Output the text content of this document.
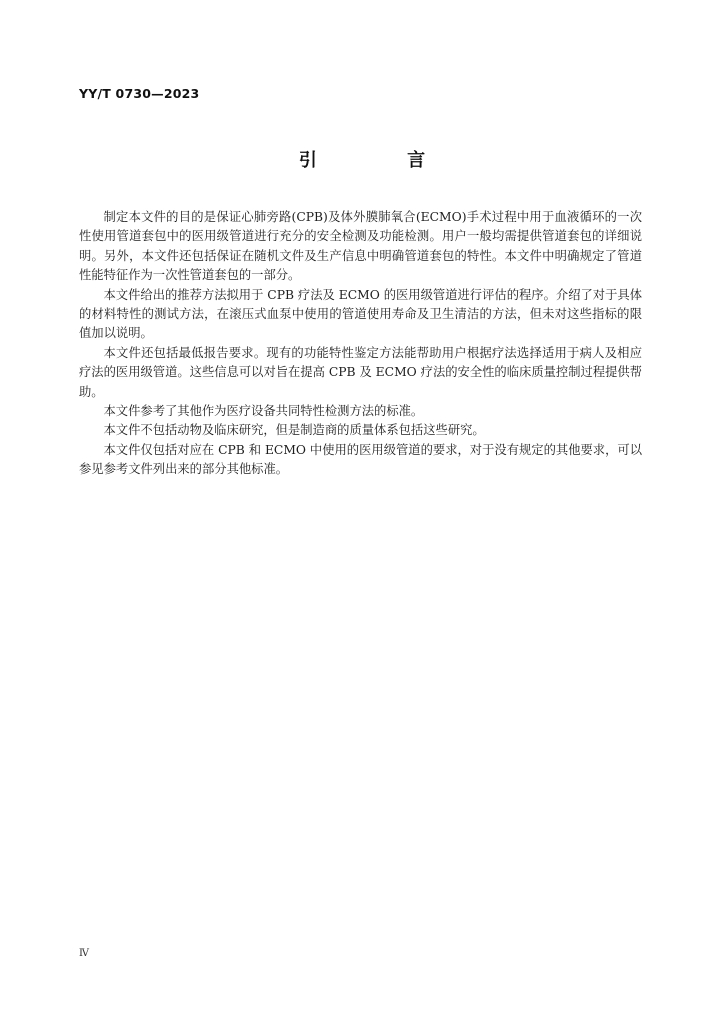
YY/T 0730—2023
引 言

制定本文件的目的是保证心肺旁路(CPB)及体外膜肺氧合(ECMO)手术过程中用于血液循环的一次性使用管道套包中的医用级管道进行充分的安全检测及功能检测。用户一般均需提供管道套包的详细说明。另外，本文件还包括保证在随机文件及生产信息中明确管道套包的特性。本文件中明确规定了管道性能特征作为一次性管道套包的一部分。

本文件给出的推荐方法拟用于 CPB 疗法及 ECMO 的医用级管道进行评估的程序。介绍了对于具体的材料特性的测试方法，在滚压式血泵中使用的管道使用寿命及卫生清洁的方法，但未对这些指标的限值加以说明。

本文件还包括最低报告要求。现有的功能特性鉴定方法能帮助用户根据疗法选择适用于病人及相应疗法的医用级管道。这些信息可以对旨在提高 CPB 及 ECMO 疗法的安全性的临床质量控制过程提供帮助。

本文件参考了其他作为医疗设备共同特性检测方法的标准。

本文件不包括动物及临床研究，但是制造商的质量体系包括这些研究。

本文件仅包括对应在 CPB 和 ECMO 中使用的医用级管道的要求，对于没有规定的其他要求，可以参见参考文件列出来的部分其他标准。

Ⅳ
